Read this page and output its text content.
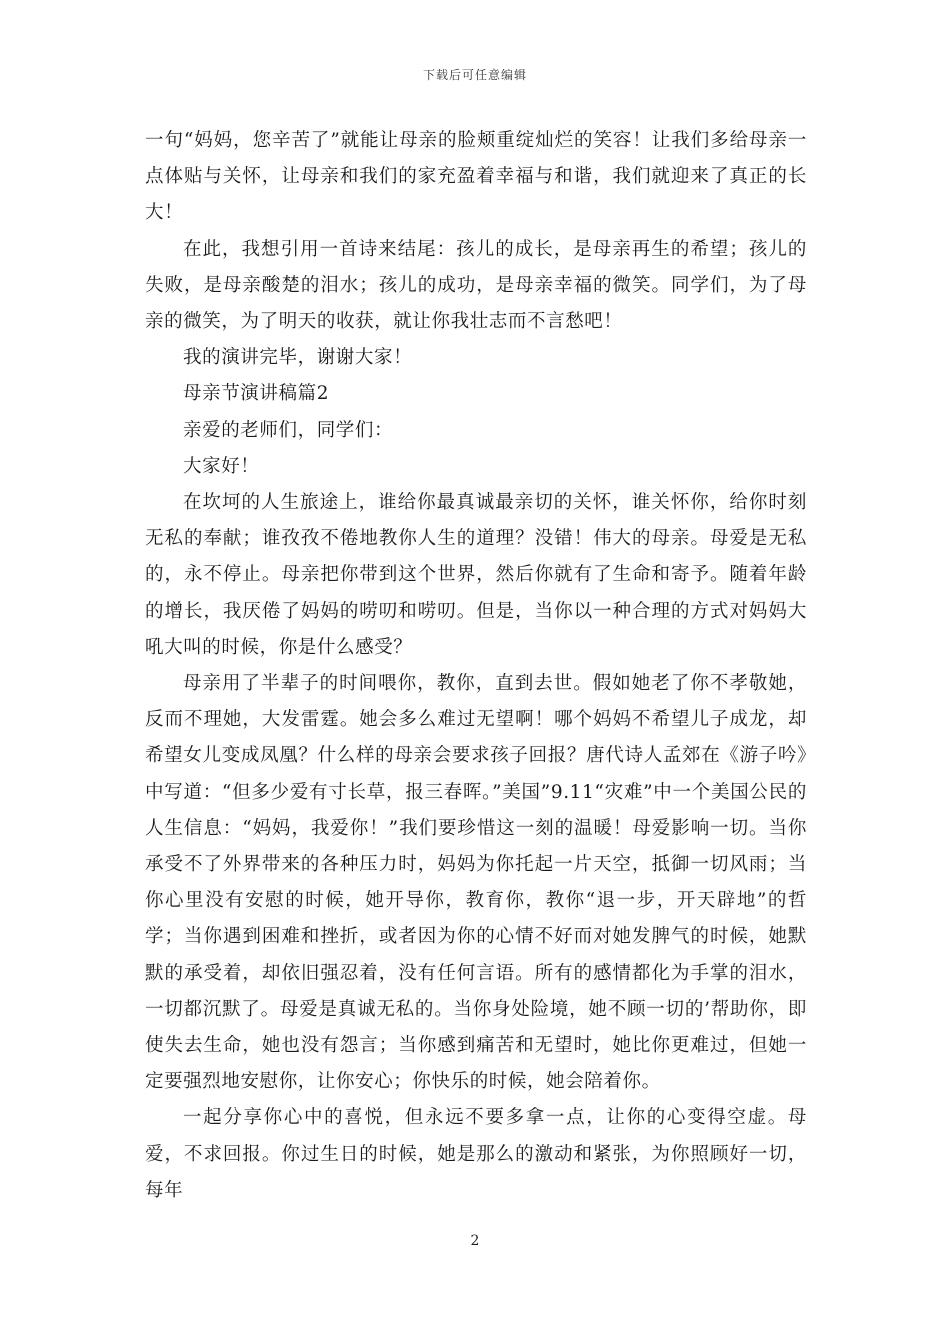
下载后可任意编辑

一句“妈妈，您辛苦了”就能让母亲的脸颊重绽灿烂的笑容！让我们多给母亲一点体贴与关怀，让母亲和我们的家充盈着幸福与和谐，我们就迎来了真正的长大！

在此，我想引用一首诗来结尾：孩儿的成长，是母亲再生的希望；孩儿的失败，是母亲酸楚的泪水；孩儿的成功，是母亲幸福的微笑。同学们，为了母亲的微笑，为了明天的收获，就让你我壮志而不言愁吧！

我的演讲完毕，谢谢大家！

母亲节演讲稿篇2

亲爱的老师们，同学们：

大家好！

在坎坷的人生旅途上，谁给你最真诚最亲切的关怀，谁关怀你，给你时刻无私的奉献；谁孜孜不倦地教你人生的道理？没错！伟大的母亲。母爱是无私的，永不停止。母亲把你带到这个世界，然后你就有了生命和寄予。随着年龄的增长，我厌倦了妈妈的唠叨和唠叨。但是，当你以一种合理的方式对妈妈大吼大叫的时候，你是什么感受？

母亲用了半辈子的时间喂你，教你，直到去世。假如她老了你不孝敬她，反而不理她，大发雷霆。她会多么难过无望啊！哪个妈妈不希望儿子成龙，却希望女儿变成凤凰？什么样的母亲会要求孩子回报？唐代诗人孟郊在《游子吟》中写道：“但多少爱有寸长草，报三春晖。”美国”9.11“灾难”中一个美国公民的人生信息：“妈妈，我爱你！”我们要珍惜这一刻的温暖！母爱影响一切。当你承受不了外界带来的各种压力时，妈妈为你托起一片天空，抵御一切风雨；当你心里没有安慰的时候，她开导你，教育你，教你“退一步，开天辟地”的哲学；当你遇到困难和挫折，或者因为你的心情不好而对她发脾气的时候，她默默的承受着，却依旧强忍着，没有任何言语。所有的感情都化为手掌的泪水，一切都沉默了。母爱是真诚无私的。当你身处险境，她不顾一切的’帮助你，即使失去生命，她也没有怨言；当你感到痛苦和无望时，她比你更难过，但她一定要强烈地安慰你，让你安心；你快乐的时候，她会陪着你。

一起分享你心中的喜悦，但永远不要多拿一点，让你的心变得空虚。母爱，不求回报。你过生日的时候，她是那么的激动和紧张，为你照顾好一切，每年

2
